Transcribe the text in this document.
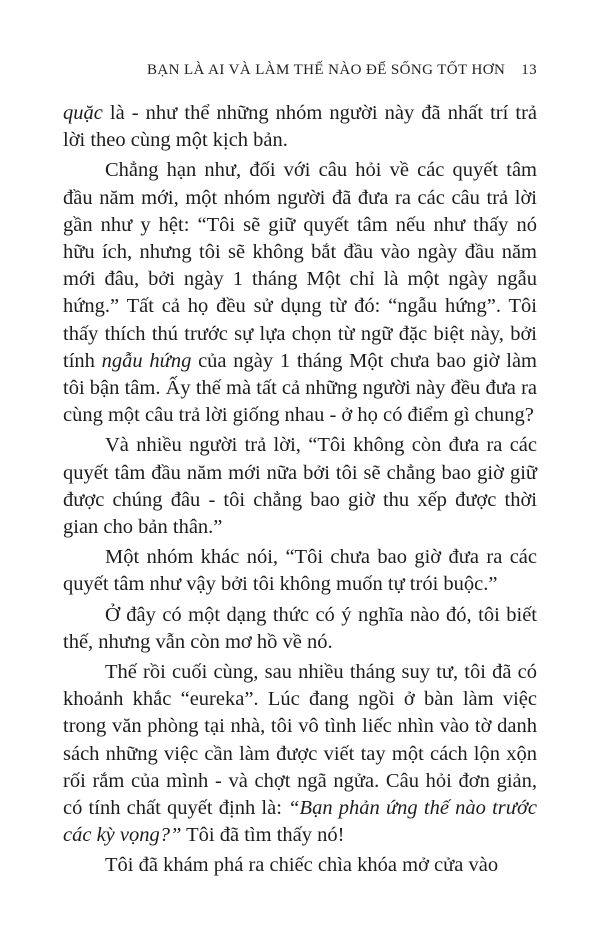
BẠN LÀ AI VÀ LÀM THẾ NÀO ĐỂ SỐNG TỐT HƠN 13

quặc là - như thể những nhóm người này đã nhất trí trả lời theo cùng một kịch bản.

Chẳng hạn như, đối với câu hỏi về các quyết tâm đầu năm mới, một nhóm người đã đưa ra các câu trả lời gần như y hệt: “Tôi sẽ giữ quyết tâm nếu như thấy nó hữu ích, nhưng tôi sẽ không bắt đầu vào ngày đầu năm mới đâu, bởi ngày 1 tháng Một chỉ là một ngày ngẫu hứng.” Tất cả họ đều sử dụng từ đó: “ngẫu hứng”. Tôi thấy thích thú trước sự lựa chọn từ ngữ đặc biệt này, bởi tính ngẫu hứng của ngày 1 tháng Một chưa bao giờ làm tôi bận tâm. Ấy thế mà tất cả những người này đều đưa ra cùng một câu trả lời giống nhau - ở họ có điểm gì chung?

Và nhiều người trả lời, “Tôi không còn đưa ra các quyết tâm đầu năm mới nữa bởi tôi sẽ chẳng bao giờ giữ được chúng đâu - tôi chẳng bao giờ thu xếp được thời gian cho bản thân.”

Một nhóm khác nói, “Tôi chưa bao giờ đưa ra các quyết tâm như vậy bởi tôi không muốn tự trói buộc.”

Ở đây có một dạng thức có ý nghĩa nào đó, tôi biết thế, nhưng vẫn còn mơ hồ về nó.

Thế rồi cuối cùng, sau nhiều tháng suy tư, tôi đã có khoảnh khắc “eureka”. Lúc đang ngồi ở bàn làm việc trong văn phòng tại nhà, tôi vô tình liếc nhìn vào tờ danh sách những việc cần làm được viết tay một cách lộn xộn rối rắm của mình - và chợt ngã ngửa. Câu hỏi đơn giản, có tính chất quyết định là: “Bạn phản ứng thế nào trước các kỳ vọng?” Tôi đã tìm thấy nó!

Tôi đã khám phá ra chiếc chìa khóa mở cửa vào
